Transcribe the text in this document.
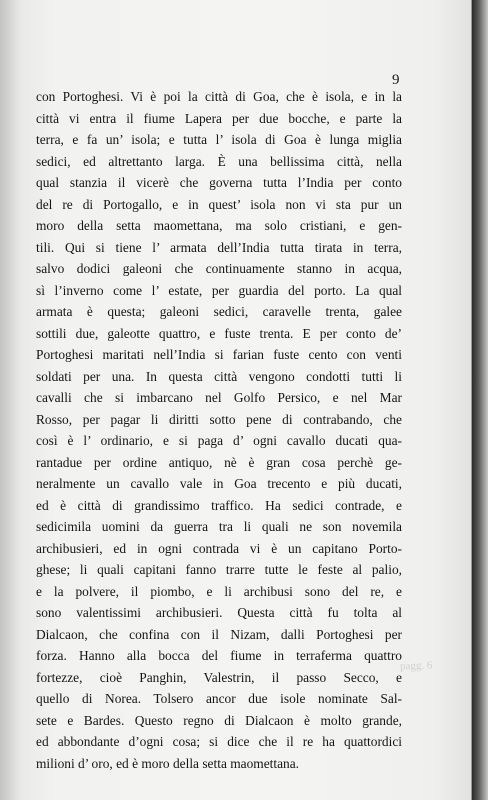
9
con Portoghesi. Vi è poi la città di Goa, che è isola, e in la
città vi entra il fiume Lapera per due bocche, e parte la
terra, e fa un’ isola; e tutta l’ isola di Goa è lunga miglia
sedici, ed altrettanto larga. È una bellissima città, nella
qual stanzia il vicerè che governa tutta l’India per conto
del re di Portogallo, e in quest’ isola non vi sta pur un
moro della setta maomettana, ma solo cristiani, e gen-
tili. Qui si tiene l’ armata dell’India tutta tirata in terra,
salvo dodici galeoni che continuamente stanno in acqua,
sì l’inverno come l’ estate, per guardia del porto. La qual
armata è questa; galeoni sedici, caravelle trenta, galee
sottili due, galeotte quattro, e fuste trenta. E per conto de’
Portoghesi maritati nell’India si farian fuste cento con venti
soldati per una. In questa città vengono condotti tutti li
cavalli che si imbarcano nel Golfo Persico, e nel Mar
Rosso, per pagar li diritti sotto pene di contrabando, che
così è l’ ordinario, e si paga d’ ogni cavallo ducati qua-
rantadue per ordine antiquo, nè è gran cosa perchè ge-
neralmente un cavallo vale in Goa trecento e più ducati,
ed è città di grandissimo traffico. Ha sedici contrade, e
sedicimila uomini da guerra tra li quali ne son novemila
archibusieri, ed in ogni contrada vi è un capitano Porto-
ghese; li quali capitani fanno trarre tutte le feste al palio,
e la polvere, il piombo, e li archibusi sono del re, e
sono valentissimi archibusieri. Questa città fu tolta al
Dialcaon, che confina con il Nizam, dalli Portoghesi per
forza. Hanno alla bocca del fiume in terraferma quattro
fortezze, cioè Panghin, Valestrin, il passo Secco, e
quello di Norea. Tolsero ancor due isole nominate Sal-
sete e Bardes. Questo regno di Dialcaon è molto grande,
ed abbondante d’ogni cosa; si dice che il re ha quattordici
milioni d’ oro, ed è moro della setta maomettana.
pagg. 6
